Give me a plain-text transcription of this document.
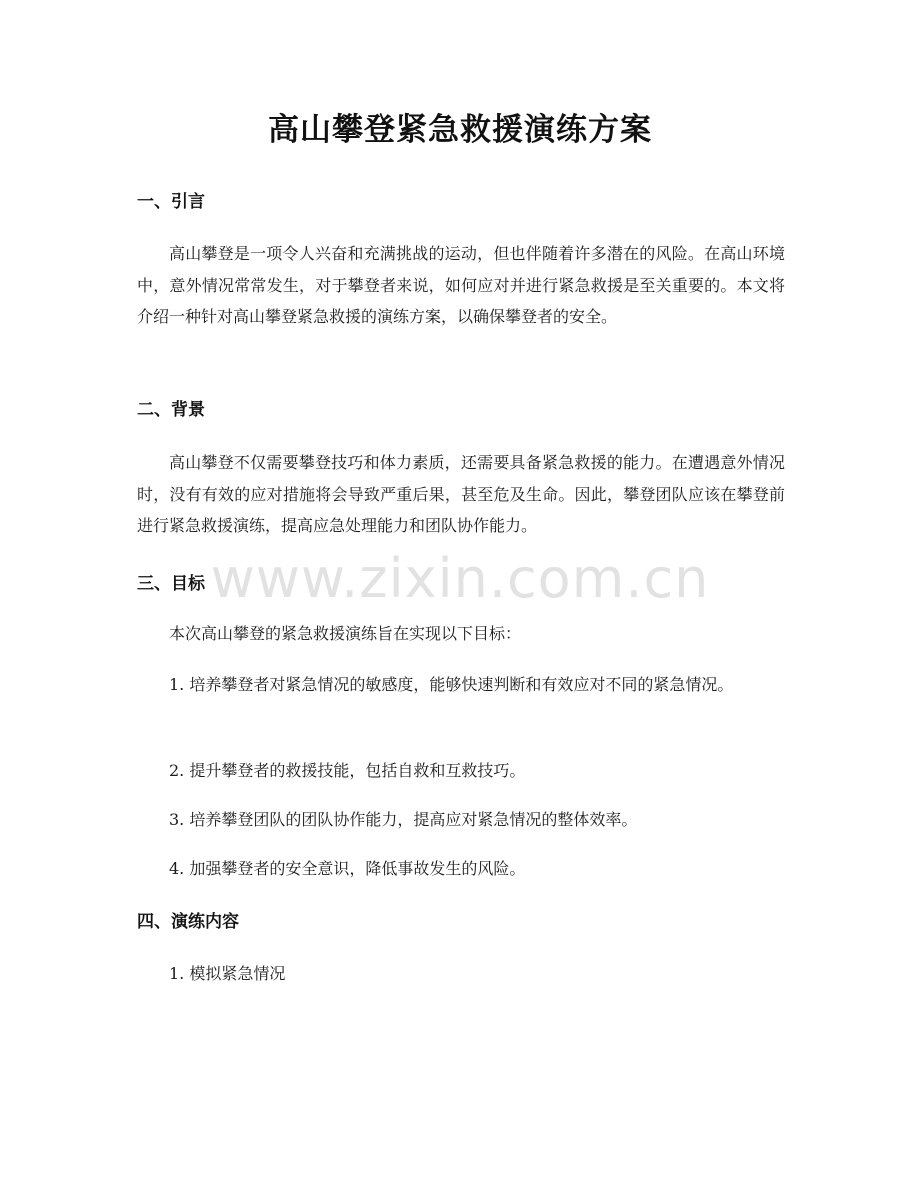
高山攀登紧急救援演练方案
一、引言
高山攀登是一项令人兴奋和充满挑战的运动，但也伴随着许多潜在的风险。在高山环境中，意外情况常常发生，对于攀登者来说，如何应对并进行紧急救援是至关重要的。本文将介绍一种针对高山攀登紧急救援的演练方案，以确保攀登者的安全。
二、背景
高山攀登不仅需要攀登技巧和体力素质，还需要具备紧急救援的能力。在遭遇意外情况时，没有有效的应对措施将会导致严重后果，甚至危及生命。因此，攀登团队应该在攀登前进行紧急救援演练，提高应急处理能力和团队协作能力。
三、目标
本次高山攀登的紧急救援演练旨在实现以下目标：
1. 培养攀登者对紧急情况的敏感度，能够快速判断和有效应对不同的紧急情况。
2. 提升攀登者的救援技能，包括自救和互救技巧。
3. 培养攀登团队的团队协作能力，提高应对紧急情况的整体效率。
4. 加强攀登者的安全意识，降低事故发生的风险。
四、演练内容
1. 模拟紧急情况
www.zixin.com.cn
